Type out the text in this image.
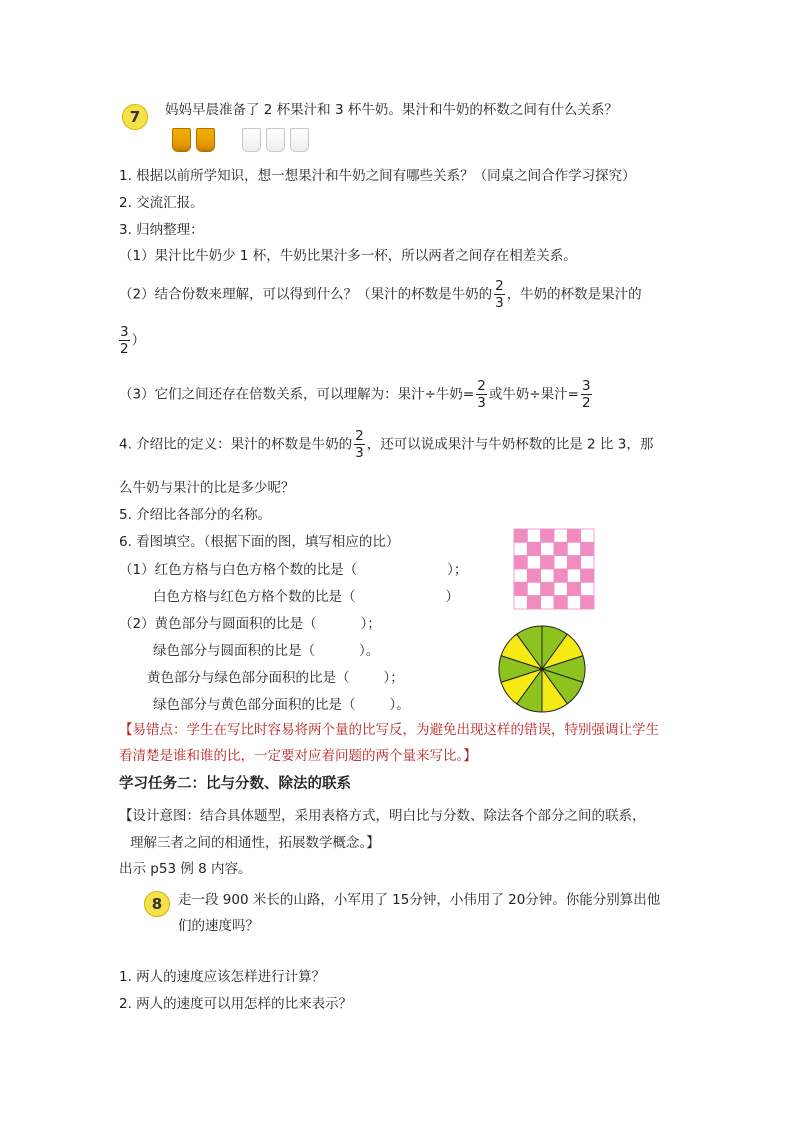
7	妈妈早晨准备了 2 杯果汁和 3 杯牛奶。果汁和牛奶的杯数之间有什么关系？
1. 根据以前所学知识，想一想果汁和牛奶之间有哪些关系？（同桌之间合作学习探究）
2. 交流汇报。
3. 归纳整理：
（1）果汁比牛奶少 1 杯，牛奶比果汁多一杯，所以两者之间存在相差关系。
（2）结合份数来理解，可以得到什么？（果汁的杯数是牛奶的 $\frac{2}{3}$ ，牛奶的杯数是果汁的
$\frac{3}{2}$ ）
（3）它们之间还存在倍数关系，可以理解为：果汁÷牛奶= $\frac{2}{3}$ 或牛奶÷果汁= $\frac{3}{2}$
4. 介绍比的定义：果汁的杯数是牛奶的 $\frac{2}{3}$ ，还可以说成果汁与牛奶杯数的比是 2 比 3，那
么牛奶与果汁的比是多少呢？
5. 介绍比各部分的名称。
6. 看图填空。（根据下面的图，填写相应的比）
（1）红色方格与白色方格个数的比是（	）；
白色方格与红色方格个数的比是（	）
（2）黄色部分与圆面积的比是（	）；
绿色部分与圆面积的比是（	）。
黄色部分与绿色部分面积的比是（	）；
绿色部分与黄色部分面积的比是（	）。
【易错点：学生在写比时容易将两个量的比写反，为避免出现这样的错误，特别强调让学生
看清楚是谁和谁的比，一定要对应着问题的两个量来写比。】
学习任务二：比与分数、除法的联系
【设计意图：结合具体题型，采用表格方式，明白比与分数、除法各个部分之间的联系，
理解三者之间的相通性，拓展数学概念。】
出示 p53 例 8 内容。
8	走一段 900 米长的山路，小军用了 15分钟，小伟用了 20分钟。你能分别算出他
们的速度吗？
1. 两人的速度应该怎样进行计算？
2. 两人的速度可以用怎样的比来表示？
